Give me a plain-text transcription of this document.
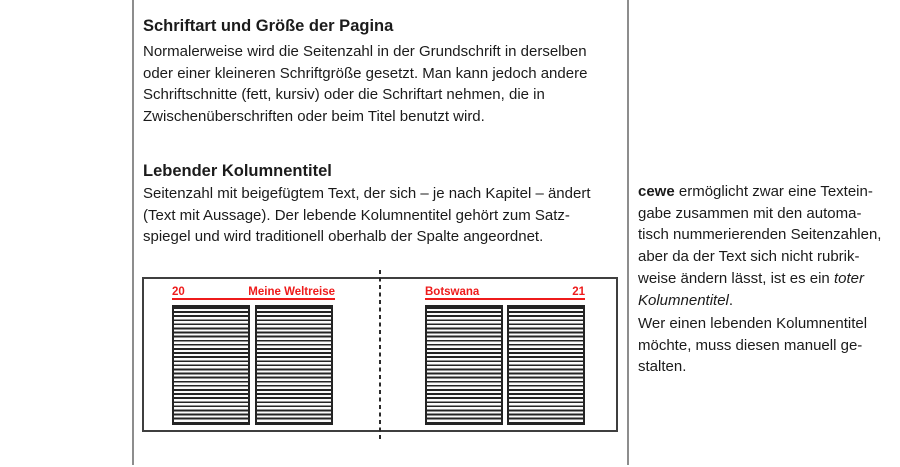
Schriftart und Größe der Pagina
Normalerweise wird die Seitenzahl in der Grundschrift in derselben
oder einer kleineren Schriftgröße gesetzt. Man kann jedoch andere
Schriftschnitte (fett, kursiv) oder die Schriftart nehmen, die in
Zwischenüberschriften oder beim Titel benutzt wird.
Lebender Kolumnentitel
Seitenzahl mit beigefügtem Text, der sich – je nach Kapitel – ändert
(Text mit Aussage). Der lebende Kolumnentitel gehört zum Satz-
spiegel und wird traditionell oberhalb der Spalte angeordnet.
20	Meine Weltreise	Botswana	21
cewe ermöglicht zwar eine Textein-
gabe zusammen mit den automa-
tisch nummerierenden Seitenzahlen,
aber da der Text sich nicht rubrik-
weise ändern lässt, ist es ein toter
Kolumnentitel.
Wer einen lebenden Kolumnentitel
möchte, muss diesen manuell ge-
stalten.
